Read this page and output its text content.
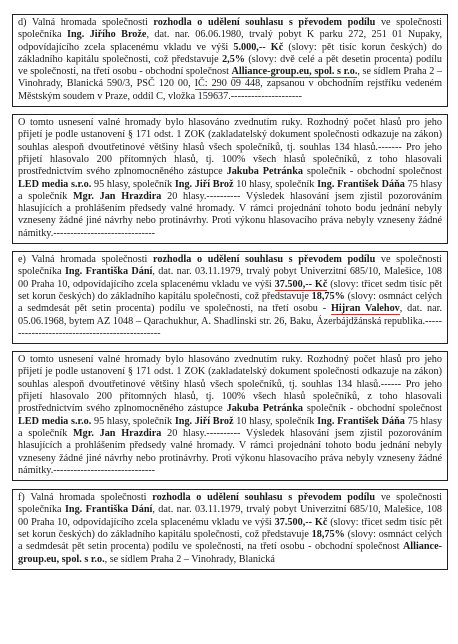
d) Valná hromada společnosti rozhodla o udělení souhlasu s převodem podílu ve společnosti společníka Ing. Jiřího Brože, dat. nar. 06.06.1980, trvalý pobyt K parku 272, 251 01 Nupaky, odpovídajícího zcela splacenému vkladu ve výši 5.000,-- Kč (slovy: pět tisíc korun českých) do základního kapitálu společnosti, což představuje 2,5% (slovy: dvě celé a pět desetin procenta) podílu ve společnosti, na třetí osobu - obchodní společnost Alliance-group.eu, spol. s r.o., se sídlem Praha 2 – Vinohrady, Blanická 590/3, PSČ 120 00, IČ: 290 09 448, zapsanou v obchodním rejstříku vedeném Městským soudem v Praze, oddíl C, vložka 159637.---------------------

O tomto usnesení valné hromady bylo hlasováno zvednutím ruky. Rozhodný počet hlasů pro jeho přijetí je podle ustanovení § 171 odst. 1 ZOK (zakladatelský dokument společnosti odkazuje na zákon) souhlas alespoň dvoutřetinové většiny hlasů všech společníků, tj. souhlas 134 hlasů.------- Pro jeho přijetí hlasovalo 200 přítomných hlasů, tj. 100% všech hlasů společníků, z toho hlasovali prostřednictvím svého zplnomocněného zástupce Jakuba Petránka společník - obchodní společnost LED media s.r.o. 95 hlasy, společník Ing. Jiří Brož 10 hlasy, společník Ing. František Dáňa 75 hlasy a společník Mgr. Jan Hrazdira 20 hlasy.---------- Výsledek hlasování jsem zjistil pozorováním hlasujících a prohlášením předsedy valné hromady. V rámci projednání tohoto bodu jednání nebyly vzneseny žádné jiné návrhy nebo protinávrhy. Proti výkonu hlasovacího práva nebyly vzneseny žádné námitky.------------------------------

e) Valná hromada společnosti rozhodla o udělení souhlasu s převodem podílu ve společnosti společníka Ing. Františka Dání, dat. nar. 03.11.1979, trvalý pobyt Univerzitní 685/10, Malešice, 108 00 Praha 10, odpovídajícího zcela splacenému vkladu ve výši 37.500,-- Kč (slovy: třicet sedm tisíc pět set korun českých) do základního kapitálu společnosti, což představuje 18,75% (slovy: osmnáct celých a sedmdesát pět setin procenta) podílu ve společnosti, na třetí osobu - Hijran Valehov, dat. nar. 05.06.1968, bytem AZ 1048 – Qarachukhur, A. Shadlinski str. 26, Baku, Ázerbájdžánská republika.-----------------------------------------------

O tomto usnesení valné hromady bylo hlasováno zvednutím ruky. Rozhodný počet hlasů pro jeho přijetí je podle ustanovení § 171 odst. 1 ZOK (zakladatelský dokument společnosti odkazuje na zákon) souhlas alespoň dvoutřetinové většiny hlasů všech společníků, tj. souhlas 134 hlasů.------ Pro jeho přijetí hlasovalo 200 přítomných hlasů, tj. 100% všech hlasů společníků, z toho hlasovali prostřednictvím svého zplnomocněného zástupce Jakuba Petránka společník - obchodní společnost LED media s.r.o. 95 hlasy, společník Ing. Jiří Brož 10 hlasy, společník Ing. František Dáňa 75 hlasy a společník Mgr. Jan Hrazdira 20 hlasy.---------- Výsledek hlasování jsem zjistil pozorováním hlasujících a prohlášením předsedy valné hromady. V rámci projednání tohoto bodu jednání nebyly vzneseny žádné jiné návrhy nebo protinávrhy. Proti výkonu hlasovacího práva nebyly vzneseny žádné námitky.------------------------------

f) Valná hromada společnosti rozhodla o udělení souhlasu s převodem podílu ve společnosti společníka Ing. Františka Dání, dat. nar. 03.11.1979, trvalý pobyt Univerzitní 685/10, Malešice, 108 00 Praha 10, odpovídajícího zcela splacenému vkladu ve výši 37.500,-- Kč (slovy: třicet sedm tisíc pět set korun českých) do základního kapitálu společnosti, což představuje 18,75% (slovy: osmnáct celých a sedmdesát pět setin procenta) podílu ve společnosti, na třetí osobu - obchodní společnost Alliance-group.eu, spol. s r.o., se sídlem Praha 2 – Vinohrady, Blanická
